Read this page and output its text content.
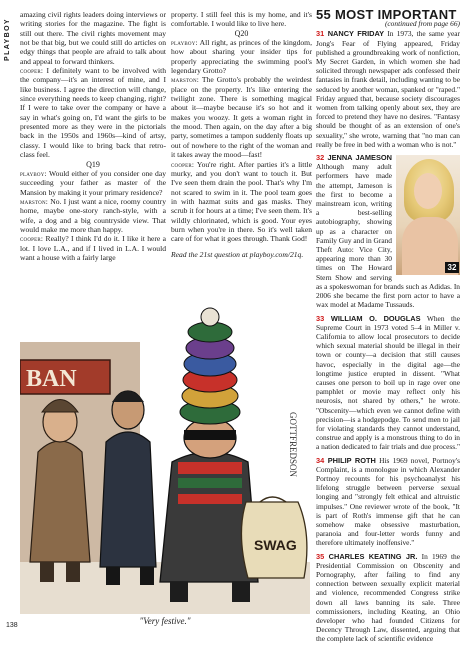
PLAYBOY

amazing civil rights leaders doing interviews or writing stories for the magazine. The fight is still out there. The civil rights movement may not be that big, but we could still do articles on edgy things that people are afraid to talk about and appeal to forward thinkers.

cooper: I definitely want to be involved with the company—it's an interest of mine, and I like business. I agree the direction will change, since everything needs to keep changing, right? If I were to take over the company or have a say in what's going on, I'd want the girls to be presented more as they were in the pictorials back in the 1950s and 1960s—kind of artsy, classy. I would like to bring back that retro-class feel.

Q19

playboy: Would either of you consider one day succeeding your father as master of the Mansion by making it your primary residence?

marston: No. I just want a nice, roomy country home, maybe one-story ranch-style, with a wife, a dog and a big countryside view. That would make me more than happy.

cooper: Really? I think I'd do it. I like it here a lot. I love L.A., and if I lived in L.A. I would want a house with a fairly large

property. I still feel this is my home, and it's comfortable. I would like to live here.

Q20

playboy: All right, as princes of the kingdom, how about sharing your insider tips for properly appreciating the swimming pool's legendary Grotto?

marston: The Grotto's probably the weirdest place on the property. It's like entering the twilight zone. There is something magical about it—maybe because it's so hot and it makes you woozy. It gets a woman right in the mood. Then again, on the day after a big party, sometimes a tampon suddenly floats up out of nowhere to the right of the woman and it takes away the mood—fast!

cooper: You're right. After parties it's a little murky, and you don't want to touch it. But I've seen them drain the pool. That's why I'm not scared to swim in it. The pool team goes in with hazmat suits and gas masks. They scrub it for hours at a time; I've seen them. It's wildly chlorinated, which is good. Your eyes burn when you're in there. So it's well taken care of for what it goes through. Thank God!

Read the 21st question at playboy.com/21q.

55 MOST IMPORTANT

(continued from page 66)

31 NANCY FRIDAY In 1973, the same year Jong's Fear of Flying appeared, Friday published a groundbreaking work of nonfiction, My Secret Garden, in which women she had solicited through newspaper ads confessed their fantasies in frank detail, including wanting to be seduced by another woman, spanked or "raped." Friday argued that, because society discourages women from talking openly about sex, they are forced to pretend they have no desires. "Fantasy should be thought of as an extension of one's sexuality," she wrote, warning that "no man can really be free in bed with a woman who is not."

32
32 JENNA JAMESON Although many adult performers have made the attempt, Jameson is the first to become a mainstream icon, writing a best-selling autobiography, showing up as a character on Family Guy and in Grand Theft Auto: Vice City, appearing more than 30 times on The Howard Stern Show and serving as a spokeswoman for brands such as Adidas. In 2006 she became the first porn actor to have a wax model at Madame Tussauds.

33 WILLIAM O. DOUGLAS When the Supreme Court in 1973 voted 5–4 in Miller v. California to allow local prosecutors to decide which sexual material should be illegal in their town or county—a decision that still causes havoc, especially in the digital age—the longtime justice erupted in dissent. "What causes one person to boil up in rage over one pamphlet or movie may reflect only his neurosis, not shared by others," he wrote. "Obscenity—which even we cannot define with precision—is a hodgepodge. To send men to jail for violating standards they cannot understand, construe and apply is a monstrous thing to do in a nation dedicated to fair trials and due process."

34 PHILIP ROTH His 1969 novel, Portnoy's Complaint, is a monologue in which Alexander Portnoy recounts for his psychoanalyst his lifelong struggle between perverse sexual longing and "strongly felt ethical and altruistic impulses." One reviewer wrote of the book, "It is part of Roth's immense gift that he can somehow make obsessive masturbation, paranoia and four-letter words funny and therefore ultimately inoffensive."

35 CHARLES KEATING JR. In 1969 the Presidential Commission on Obscenity and Pornography, after failing to find any connection between sexually explicit material and violence, recommended Congress strike down all laws banning its sale. Three commissioners, including Keating, an Ohio developer who had founded Citizens for Decency Through Law, dissented, arguing that the complete lack of scientific evidence

BAN
SWAG
GOTTFREDSON
"Very festive."
138
